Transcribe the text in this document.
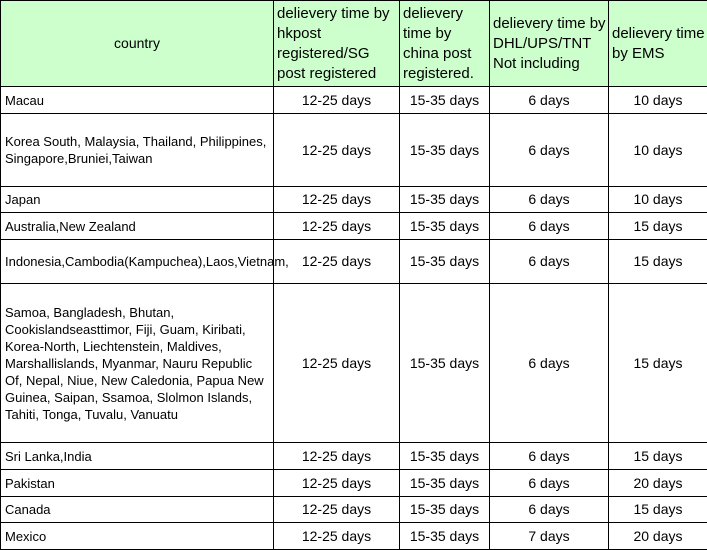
country	delievery time by hkpost registered/SG post registered	delievery time by china post registered.	delievery time by DHL/UPS/TNT Not including	delievery time by EMS
Macau	12-25 days	15-35 days	6 days	10 days
Korea South, Malaysia, Thailand, Philippines, Singapore,Bruniei,Taiwan	12-25 days	15-35 days	6 days	10 days
Japan	12-25 days	15-35 days	6 days	10 days
Australia,New Zealand	12-25 days	15-35 days	6 days	15 days
Indonesia,Cambodia(Kampuchea),Laos,Vietnam,	12-25 days	15-35 days	6 days	15 days
Samoa, Bangladesh, Bhutan, Cookislandseasttimor, Fiji, Guam, Kiribati, Korea-North, Liechtenstein, Maldives, Marshallislands, Myanmar, Nauru Republic Of, Nepal, Niue, New Caledonia, Papua New Guinea, Saipan, Ssamoa, Slolmon Islands, Tahiti, Tonga, Tuvalu, Vanuatu	12-25 days	15-35 days	6 days	15 days
Sri Lanka,India	12-25 days	15-35 days	6 days	15 days
Pakistan	12-25 days	15-35 days	6 days	20 days
Canada	12-25 days	15-35 days	6 days	15 days
Mexico	12-25 days	15-35 days	7 days	20 days
